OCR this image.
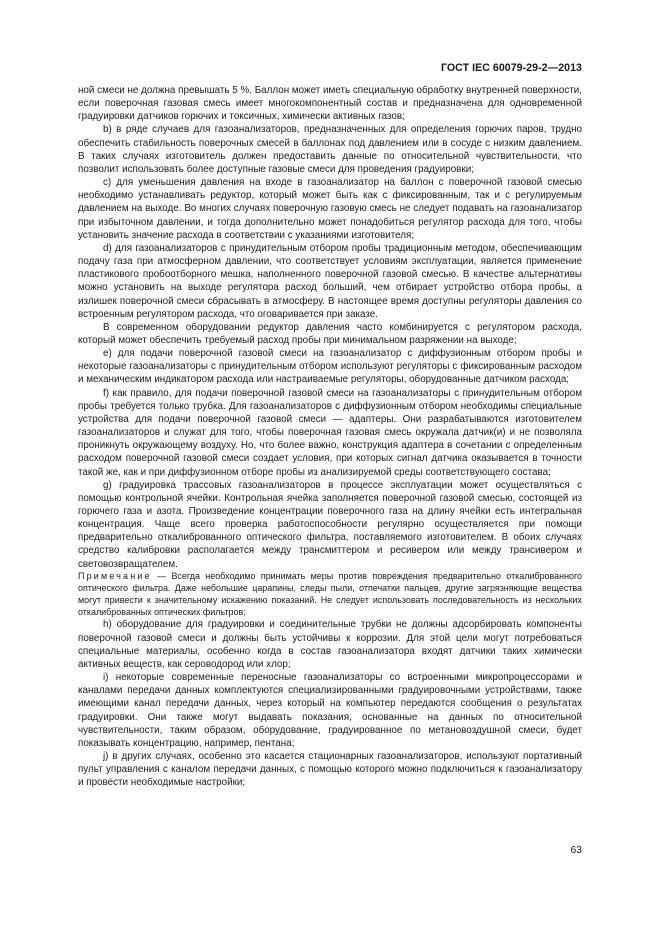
ГОСТ IEC 60079-29-2—2013

ной смеси не должна превышать 5 %. Баллон может иметь специальную обработку внутренней поверхности, если поверочная газовая смесь имеет многокомпонентный состав и предназначена для одновременной градуировки датчиков горючих и токсичных, химически активных газов;

b) в ряде случаев для газоанализаторов, предназначенных для определения горючих паров, трудно обеспечить стабильность поверочных смесей в баллонах под давлением или в сосуде с низким давлением. В таких случаях изготовитель должен предоставить данные по относительной чувствительности, что позволит использовать более доступные газовые смеси для проведения градуировки;

c) для уменьшения давления на входе в газоанализатор на баллон с поверочной газовой смесью необходимо устанавливать редуктор, который может быть как с фиксированным, так и с регулируемым давлением на выходе. Во многих случаях поверочную газовую смесь не следует подавать на газоанализатор при избыточном давлении, и тогда дополнительно может понадобиться регулятор расхода для того, чтобы установить значение расхода в соответствии с указаниями изготовителя;

d) для газоанализаторов с принудительным отбором пробы традиционным методом, обеспечивающим подачу газа при атмосферном давлении, что соответствует условиям эксплуатации, является применение пластикового пробоотборного мешка, наполненного поверочной газовой смесью. В качестве альтернативы можно установить на выходе регулятора расход больший, чем отбирает устройство отбора пробы, а излишек поверочной смеси сбрасывать в атмосферу. В настоящее время доступны регуляторы давления со встроенным регулятором расхода, что оговаривается при заказе.

В современном оборудовании редуктор давления часто комбинируется с регулятором расхода, который может обеспечить требуемый расход пробы при минимальном разряжении на выходе;

e) для подачи поверочной газовой смеси на газоанализатор с диффузионным отбором пробы и некоторые газоанализаторы с принудительным отбором используют регуляторы с фиксированным расходом и механическим индикатором расхода или настраиваемые регуляторы, оборудованные датчиком расхода;

f) как правило, для подачи поверочной газовой смеси на газоанализаторы с принудительным отбором пробы требуется только трубка. Для газоанализаторов с диффузионным отбором необходимы специальные устройства для подачи поверочной газовой смеси — адаптеры. Они разрабатываются изготовителем газоанализаторов и служат для того, чтобы поверочная газовая смесь окружала датчик(и) и не позволяла проникнуть окружающему воздуху. Но, что более важно, конструкция адаптера в сочетании с определенным расходом поверочной газовой смеси создает условия, при которых сигнал датчика оказывается в точности такой же, как и при диффузионном отборе пробы из анализируемой среды соответствующего состава;

g) градуировка трассовых газоанализаторов в процессе эксплуатации может осуществляться с помощью контрольной ячейки. Контрольная ячейка заполняется поверочной газовой смесью, состоящей из горючего газа и азота. Произведение концентрации поверочного газа на длину ячейки есть интегральная концентрация. Чаще всего проверка работоспособности регулярно осуществляется при помощи предварительно откалиброванного оптического фильтра, поставляемого изготовителем. В обоих случаях средство калибровки располагается между трансмиттером и ресивером или между трансивером и световозвращателем.

Примечание — Всегда необходимо принимать меры против повреждения предварительно откалиброванного оптического фильтра. Даже небольшие царапины, следы пыли, отпечатки пальцев, другие загрязняющие вещества могут привести к значительному искажению показаний. Не следует использовать последовательность из нескольких откалиброванных оптических фильтров;

h) оборудование для градуировки и соединительные трубки не должны адсорбировать компоненты поверочной газовой смеси и должны быть устойчивы к коррозии. Для этой цели могут потребоваться специальные материалы, особенно когда в состав газоанализатора входят датчики таких химически активных веществ, как сероводород или хлор;

i) некоторые современные переносные газоанализаторы со встроенными микропроцессорами и каналами передачи данных комплектуются специализированными градуировочными устройствами, также имеющими канал передачи данных, через который на компьютер передаются сообщения о результатах градуировки. Они также могут выдавать показания, основанные на данных по относительной чувствительности, таким образом, оборудование, градуированное по метановоздушной смеси, будет показывать концентрацию, например, пентана;

j) в других случаях, особенно это касается стационарных газоанализаторов, используют портативный пульт управления с каналом передачи данных, с помощью которого можно подключиться к газоанализатору и провести необходимые настройки;

63
